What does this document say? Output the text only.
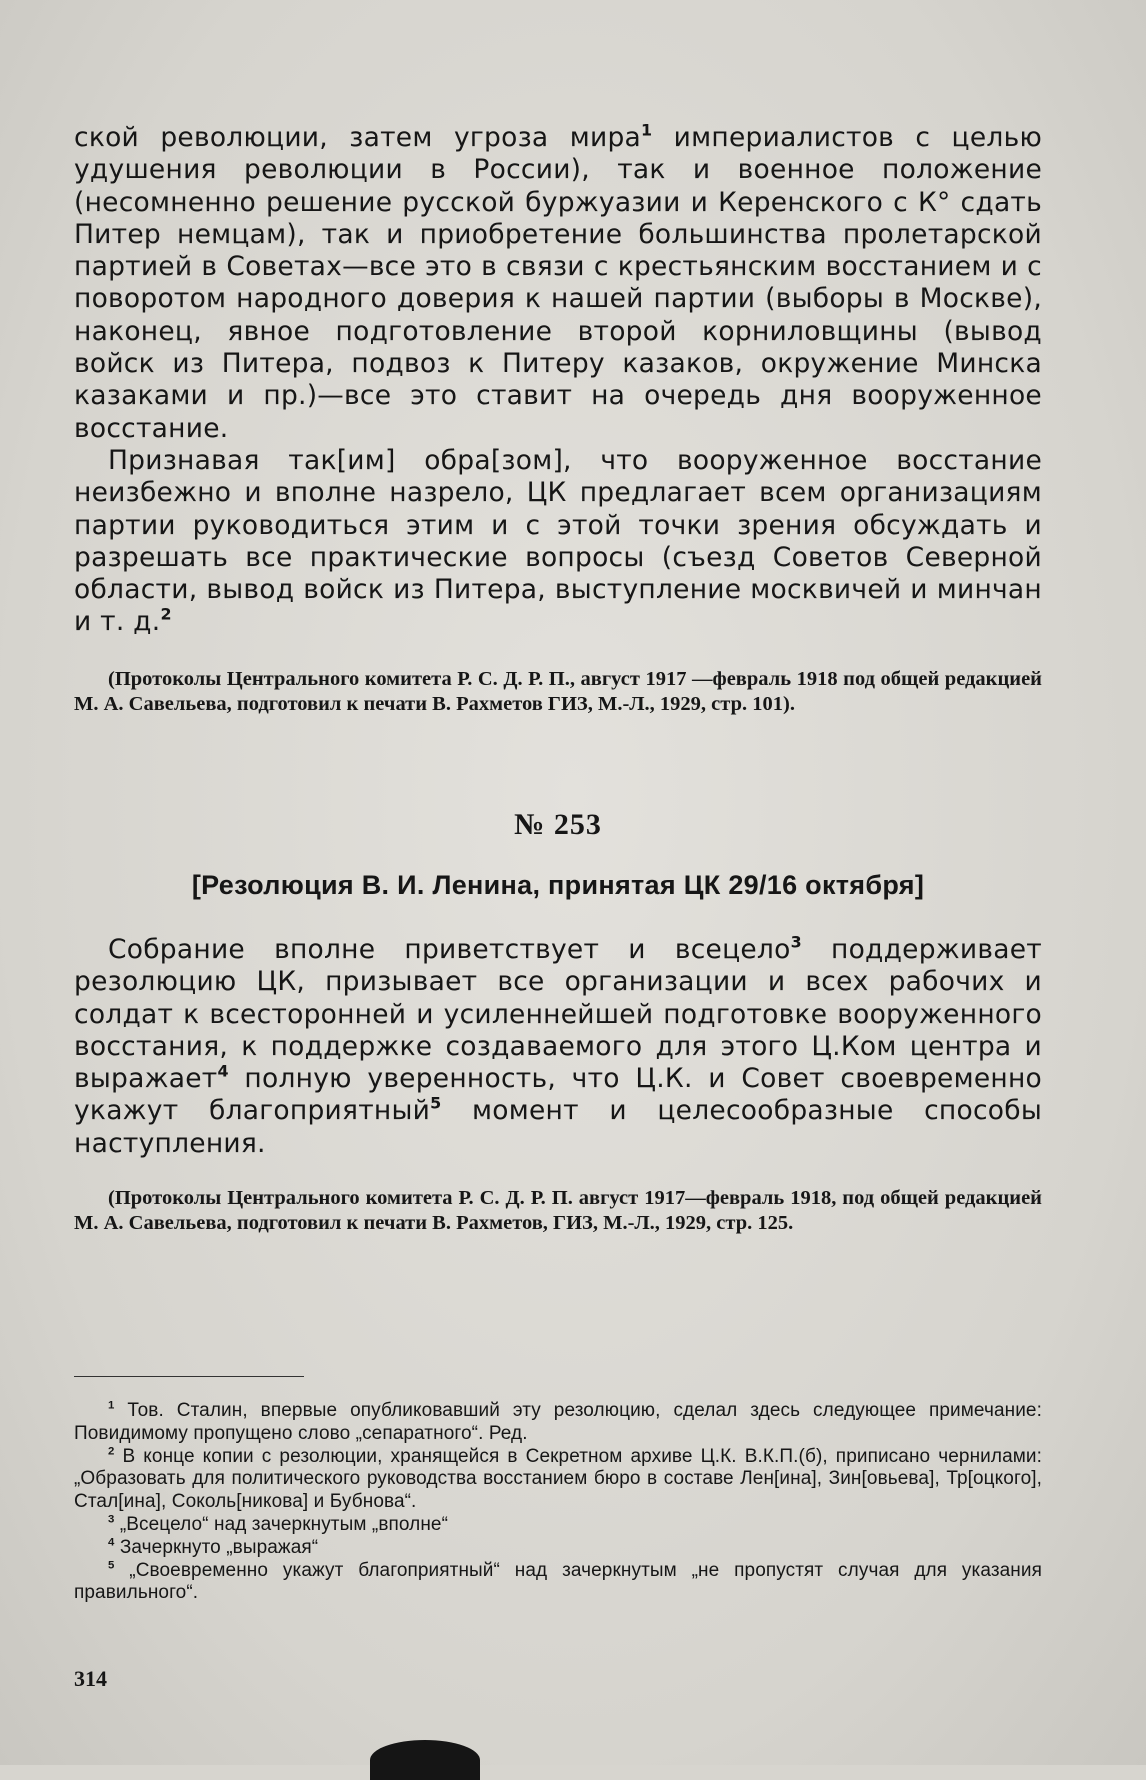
ской революции, затем угроза мира$^1$ империалистов с целью удушения революции в России), так и военное положение (несомненно решение русской буржуазии и Керенского с К° сдать Питер немцам), так и приобретение большинства пролетарской партией в Советах—все это в связи с крестьянским восстанием и с поворотом народного доверия к нашей партии (выборы в Москве), наконец, явное подготовление второй корниловщины (вывод войск из Питера, подвоз к Питеру казаков, окружение Минска казаками и пр.)—все это ставит на очередь дня вооруженное восстание.

Признавая так[им] обра[зом], что вооруженное восстание неизбежно и вполне назрело, ЦК предлагает всем организациям партии руководиться этим и с этой точки зрения обсуждать и разрешать все практические вопросы (съезд Советов Северной области, вывод войск из Питера, выступление москвичей и минчан и т. д.$^2$

(Протоколы Центрального комитета Р. С. Д. Р. П., август 1917 —февраль 1918 под общей редакцией М. А. Савельева, подготовил к печати В. Рахметов ГИЗ, М.-Л., 1929, стр. 101).

№ 253
[Резолюция В. И. Ленина, принятая ЦК 29/16 октября]

Собрание вполне приветствует и всецело$^3$ поддерживает резолюцию ЦК, призывает все организации и всех рабочих и солдат к всесторонней и усиленнейшей подготовке вооруженного восстания, к поддержке создаваемого для этого Ц.Ком центра и выражает$^4$ полную уверенность, что Ц.К. и Совет своевременно укажут благоприятный$^5$ момент и целесообразные способы наступления.

(Протоколы Центрального комитета Р. С. Д. Р. П. август 1917—февраль 1918, под общей редакцией М. А. Савельева, подготовил к печати В. Рахметов, ГИЗ, М.-Л., 1929, стр. 125.

$^1$ Тов. Сталин, впервые опубликовавший эту резолюцию, сделал здесь следующее примечание: Повидимому пропущено слово „сепаратного“. Ред.

$^2$ В конце копии с резолюции, хранящейся в Секретном архиве Ц.К. В.К.П.(б), приписано чернилами: „Образовать для политического руководства восстанием бюро в составе Лен[ина], Зин[овьева], Тр[оцкого], Стал[ина], Соколь[никова] и Бубнова“.

$^3$ „Всецело“ над зачеркнутым „вполне“

$^4$ Зачеркнуто „выражая“

$^5$ „Своевременно укажут благоприятный“ над зачеркнутым „не пропустят случая для указания правильного“.

314
